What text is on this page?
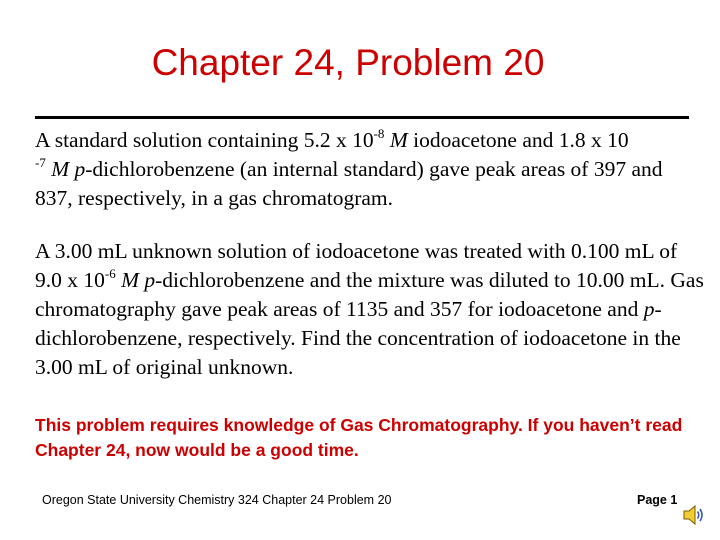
Chapter 24, Problem 20
A standard solution containing 5.2 x $10^{-8}$ M iodoacetone and 1.8 x 10
$^{-7}$ M p-dichlorobenzene (an internal standard) gave peak areas of 397 and 837, respectively, in a gas chromatogram.
A 3.00 mL unknown solution of iodoacetone was treated with 0.100 mL of 9.0 x $10^{-6}$ M p-dichlorobenzene and the mixture was diluted to 10.00 mL. Gas chromatography gave peak areas of 1135 and 357 for iodoacetone and p-dichlorobenzene, respectively. Find the concentration of iodoacetone in the 3.00 mL of original unknown.
This problem requires knowledge of Gas Chromatography. If you haven’t read Chapter 24, now would be a good time.
Oregon State University Chemistry 324 Chapter 24 Problem 20	Page 1
